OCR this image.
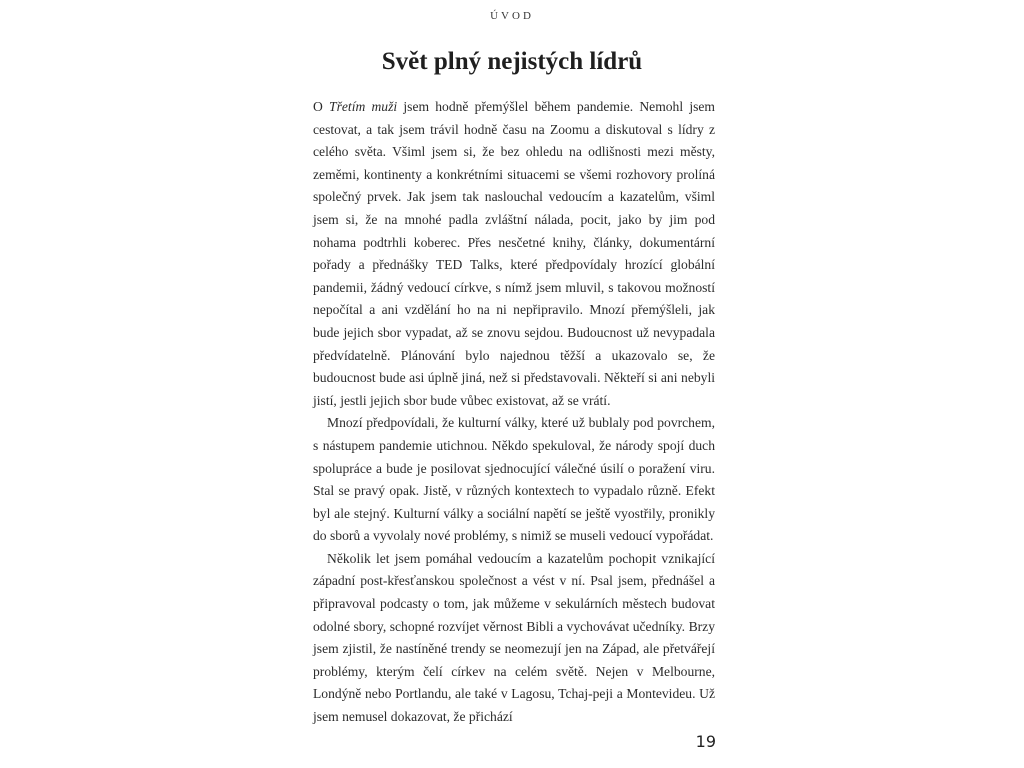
ÚVOD
Svět plný nejistých lídrů

O Třetím muži jsem hodně přemýšlel během pandemie. Nemohl jsem cestovat, a tak jsem trávil hodně času na Zoomu a diskutoval s lídry z celého světa. Všiml jsem si, že bez ohledu na odlišnosti mezi městy, zeměmi, kontinenty a konkrétními situacemi se všemi rozhovory prolíná společný prvek. Jak jsem tak naslouchal vedoucím a kazatelům, všiml jsem si, že na mnohé padla zvláštní nálada, pocit, jako by jim pod nohama podtrhli koberec. Přes nesčetné knihy, články, dokumentární pořady a přednášky TED Talks, které předpovídaly hrozící globální pandemii, žádný vedoucí církve, s nímž jsem mluvil, s takovou možností nepočítal a ani vzdělání ho na ni nepřipravilo. Mnozí přemýšleli, jak bude jejich sbor vypadat, až se znovu sejdou. Budoucnost už nevypadala předvídatelně. Plánování bylo najednou těžší a ukazovalo se, že budoucnost bude asi úplně jiná, než si představovali. Někteří si ani nebyli jistí, jestli jejich sbor bude vůbec existovat, až se vrátí.

Mnozí předpovídali, že kulturní války, které už bublaly pod povrchem, s nástupem pandemie utichnou. Někdo spekuloval, že národy spojí duch spolupráce a bude je posilovat sjednocující válečné úsilí o poražení viru. Stal se pravý opak. Jistě, v různých kontextech to vypadalo různě. Efekt byl ale stejný. Kulturní války a sociální napětí se ještě vyostřily, pronikly do sborů a vyvolaly nové problémy, s nimiž se museli vedoucí vypořádat.

Několik let jsem pomáhal vedoucím a kazatelům pochopit vznikající západní post-křesťanskou společnost a vést v ní. Psal jsem, přednášel a připravoval podcasty o tom, jak můžeme v sekulárních městech budovat odolné sbory, schopné rozvíjet věrnost Bibli a vychovávat učedníky. Brzy jsem zjistil, že nastíněné trendy se neomezují jen na Západ, ale přetvářejí problémy, kterým čelí církev na celém světě. Nejen v Melbourne, Londýně nebo Portlandu, ale také v Lagosu, Tchaj-peji a Montevideu. Už jsem nemusel dokazovat, že přichází

19
